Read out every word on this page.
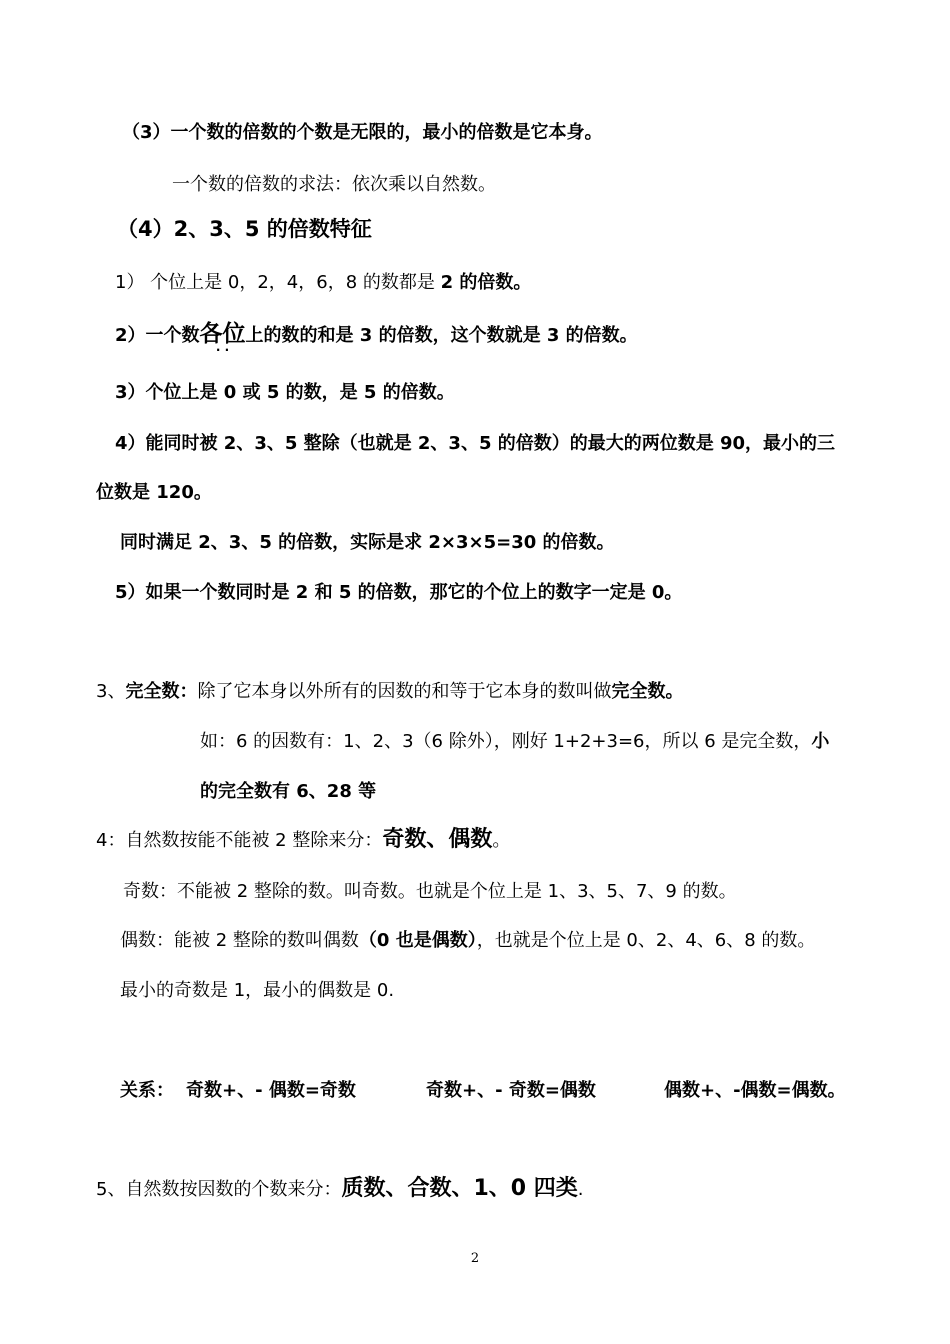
（3）一个数的倍数的个数是无限的，最小的倍数是它本身。
一个数的倍数的求法：依次乘以自然数。
（4）2、3、5 的倍数特征
1） 个位上是 0，2，4，6，8 的数都是 2 的倍数。
2）一个数各位
· ·
上的数的和是 3 的倍数，这个数就是 3 的倍数。
3）个位上是 0 或 5 的数，是 5 的倍数。
4）能同时被 2、3、5 整除（也就是 2、3、5 的倍数）的最大的两位数是 90，最小的三
位数是 120。
同时满足 2、3、5 的倍数，实际是求 2×3×5=30 的倍数。
5）如果一个数同时是 2 和 5 的倍数，那它的个位上的数字一定是 0。
3、完全数：除了它本身以外所有的因数的和等于它本身的数叫做完全数。
如：6 的因数有：1、2、3（6 除外），刚好 1+2+3=6，所以 6 是完全数，小
的完全数有 6、28 等
4：自然数按能不能被 2 整除来分：奇数、偶数。
奇数：不能被 2 整除的数。叫奇数。也就是个位上是 1、3、5、7、9 的数。
偶数：能被 2 整除的数叫偶数（0 也是偶数），也就是个位上是 0、2、4、6、8 的数。
最小的奇数是 1，最小的偶数是 0.
关系： 奇数+、- 偶数=奇数	奇数+、- 奇数=偶数	偶数+、-偶数=偶数。
5、自然数按因数的个数来分：质数、合数、1、0 四类.
2
